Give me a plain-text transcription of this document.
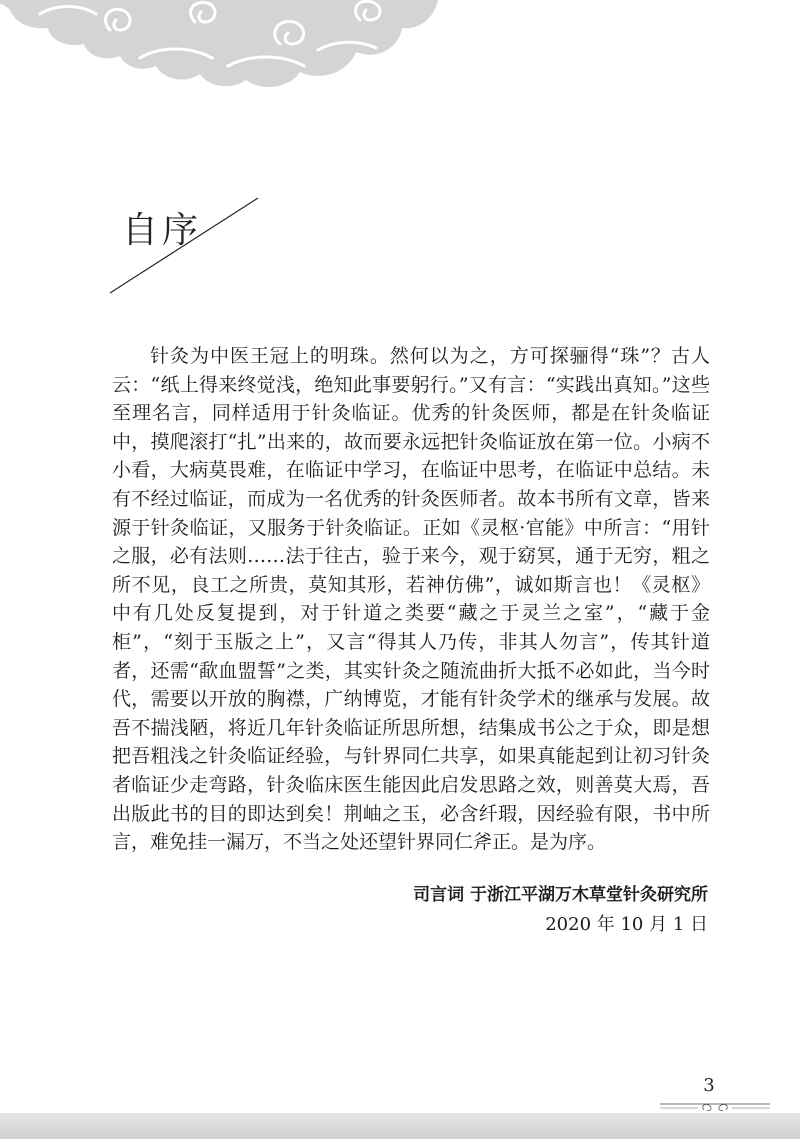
自序

针灸为中医王冠上的明珠。然何以为之，方可探骊得“珠”？古人云：“纸上得来终觉浅，绝知此事要躬行。”又有言：“实践出真知。”这些至理名言，同样适用于针灸临证。优秀的针灸医师，都是在针灸临证中，摸爬滚打“扎”出来的，故而要永远把针灸临证放在第一位。小病不小看，大病莫畏难，在临证中学习，在临证中思考，在临证中总结。未有不经过临证，而成为一名优秀的针灸医师者。故本书所有文章，皆来源于针灸临证，又服务于针灸临证。正如《灵枢·官能》中所言：“用针之服，必有法则……法于往古，验于来今，观于窈冥，通于无穷，粗之所不见，良工之所贵，莫知其形，若神仿佛”，诚如斯言也！《灵枢》中有几处反复提到，对于针道之类要“藏之于灵兰之室”，“藏于金柜”，“刻于玉版之上”，又言“得其人乃传，非其人勿言”，传其针道者，还需“歃血盟誓”之类，其实针灸之随流曲折大抵不必如此，当今时代，需要以开放的胸襟，广纳博览，才能有针灸学术的继承与发展。故吾不揣浅陋，将近几年针灸临证所思所想，结集成书公之于众，即是想把吾粗浅之针灸临证经验，与针界同仁共享，如果真能起到让初习针灸者临证少走弯路，针灸临床医生能因此启发思路之效，则善莫大焉，吾出版此书的目的即达到矣！荆岫之玉，必含纤瑕，因经验有限，书中所言，难免挂一漏万，不当之处还望针界同仁斧正。是为序。

司言词 于浙江平湖万木草堂针灸研究所
2020 年 10 月 1 日
3
